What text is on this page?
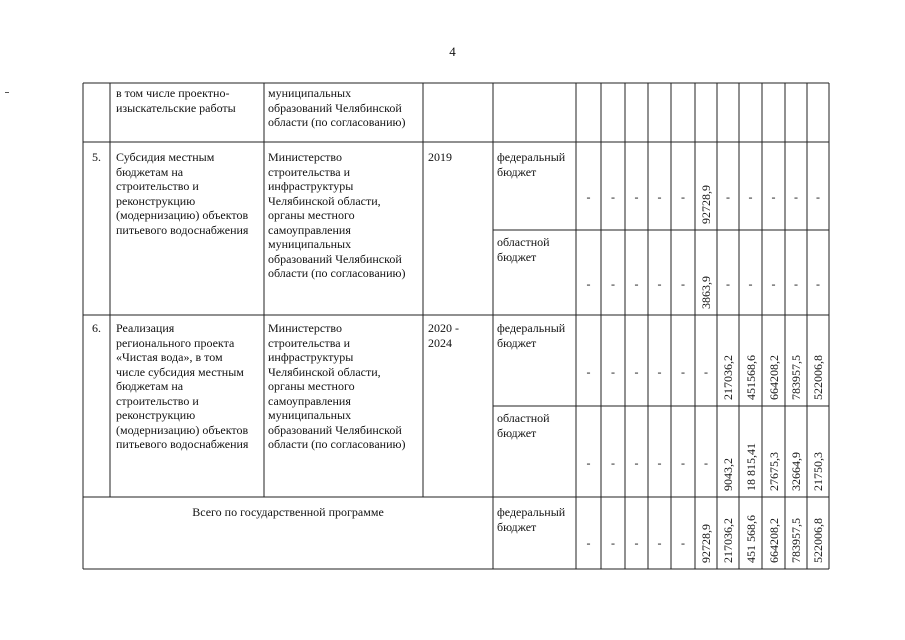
4
в том числе проектно-
изыскательские работы
муниципальных
образований Челябинской
области (по согласованию)
5. Субсидия местным
бюджетам на
строительство и
реконструкцию
(модернизацию) объектов
питьевого водоснабжения
Министерство
строительства и
инфраструктуры
Челябинской области,
органы местного
самоуправления
муниципальных
образований Челябинской
области (по согласованию)
2019	федеральный
бюджет
областной
бюджет
6. Реализация
регионального проекта
«Чистая вода», в том
числе субсидия местным
бюджетам на
строительство и
реконструкцию
(модернизацию) объектов
питьевого водоснабжения
Министерство
строительства и
инфраструктуры
Челябинской области,
органы местного
самоуправления
муниципальных
образований Челябинской
области (по согласованию)
2020 -
2024
федеральный
бюджет
областной
бюджет
Всего по государственной программе	федеральный
бюджет
- - - - - 92728,9 - - - - -
- - - - - 3863,9 - - - - -
- - - - - - 217036,2 451568,6 664208,2 783957,5 522006,8
- - - - - - 9043,2 18 815,41 27675,3 32664,9 21750,3
- - - - - 92728,9 217036,2 451 568,6 664208,2 783957,5 522006,8
